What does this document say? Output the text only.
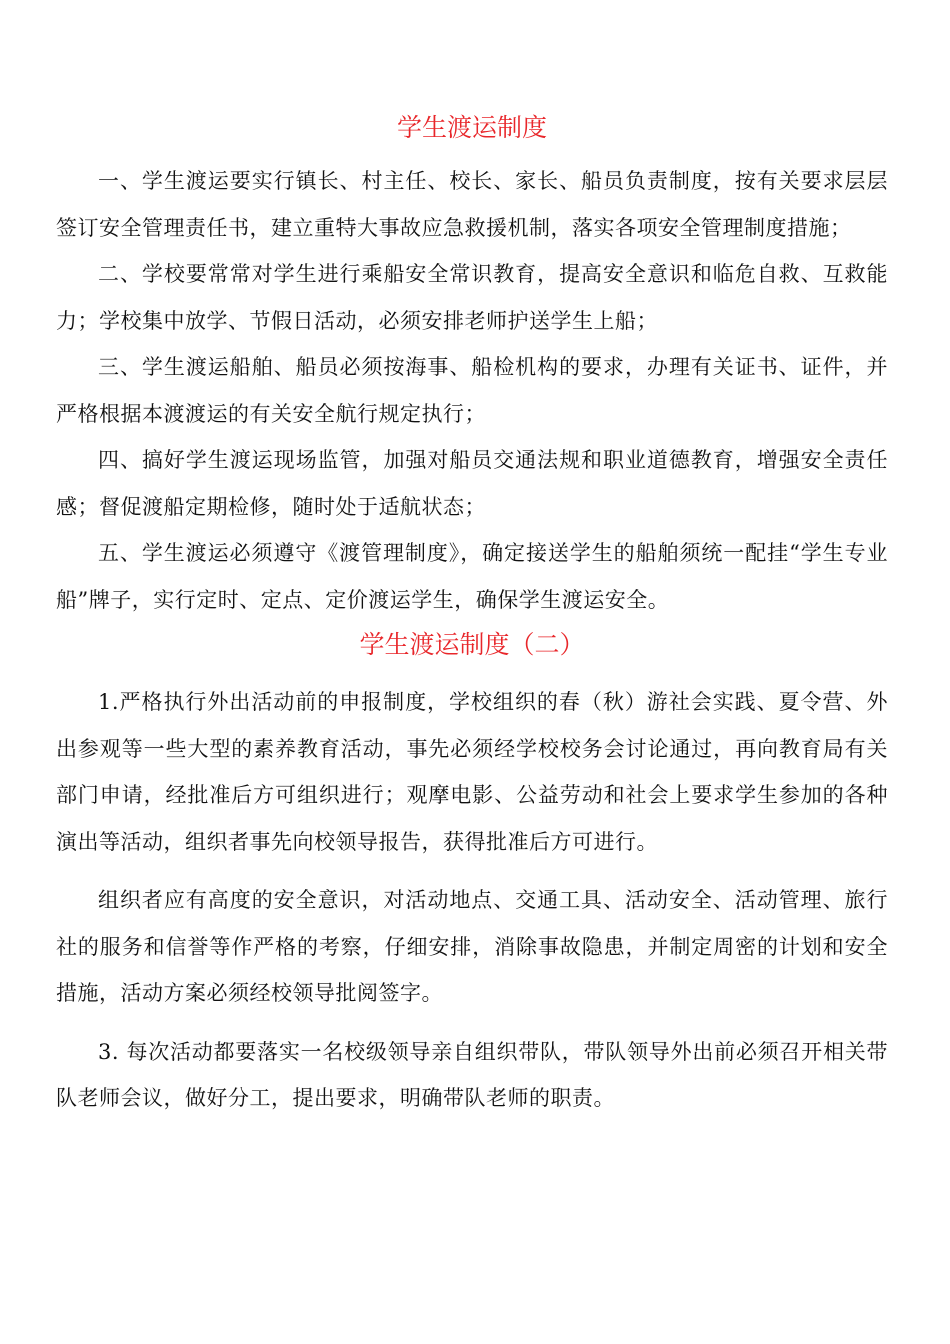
学生渡运制度

一、学生渡运要实行镇长、村主任、校长、家长、船员负责制度，按有关要求层层签订安全管理责任书，建立重特大事故应急救援机制，落实各项安全管理制度措施；

二、学校要常常对学生进行乘船安全常识教育，提高安全意识和临危自救、互救能力；学校集中放学、节假日活动，必须安排老师护送学生上船；

三、学生渡运船舶、船员必须按海事、船检机构的要求，办理有关证书、证件，并严格根据本渡渡运的有关安全航行规定执行；

四、搞好学生渡运现场监管，加强对船员交通法规和职业道德教育，增强安全责任感；督促渡船定期检修，随时处于适航状态；

五、学生渡运必须遵守《渡管理制度》，确定接送学生的船舶须统一配挂“学生专业船”牌子，实行定时、定点、定价渡运学生，确保学生渡运安全。

学生渡运制度（二）

1.严格执行外出活动前的申报制度，学校组织的春（秋）游社会实践、夏令营、外出参观等一些大型的素养教育活动，事先必须经学校校务会讨论通过，再向教育局有关部门申请，经批准后方可组织进行；观摩电影、公益劳动和社会上要求学生参加的各种演出等活动，组织者事先向校领导报告，获得批准后方可进行。

组织者应有高度的安全意识，对活动地点、交通工具、活动安全、活动管理、旅行社的服务和信誉等作严格的考察，仔细安排，消除事故隐患，并制定周密的计划和安全措施，活动方案必须经校领导批阅签字。

3. 每次活动都要落实一名校级领导亲自组织带队，带队领导外出前必须召开相关带队老师会议，做好分工，提出要求，明确带队老师的职责。
